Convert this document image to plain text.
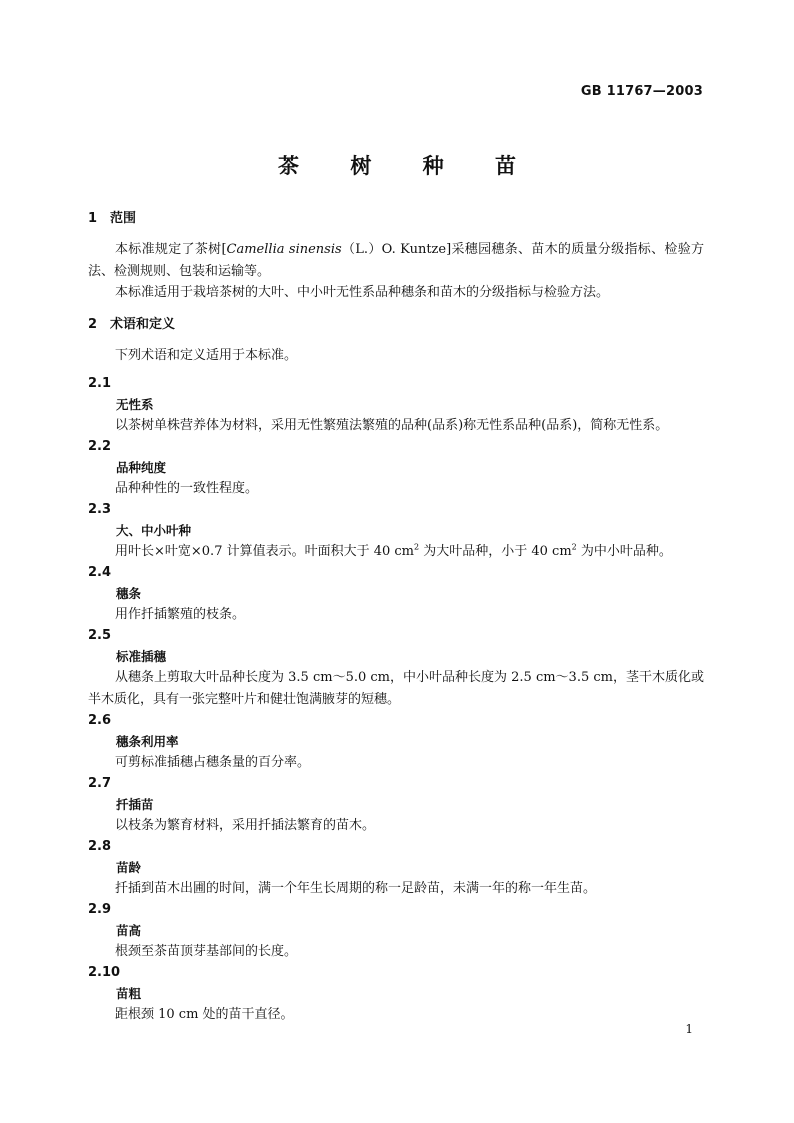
GB 11767—2003
茶 树 种 苗
1 范围
本标准规定了茶树[Camellia sinensis（L.）O. Kuntze]采穗园穗条、苗木的质量分级指标、检验方法、检测规则、包装和运输等。
本标准适用于栽培茶树的大叶、中小叶无性系品种穗条和苗木的分级指标与检验方法。
2 术语和定义
下列术语和定义适用于本标准。
2.1
无性系
以茶树单株营养体为材料，采用无性繁殖法繁殖的品种(品系)称无性系品种(品系)，简称无性系。
2.2
品种纯度
品种种性的一致性程度。
2.3
大、中小叶种
用叶长×叶宽×0.7 计算值表示。叶面积大于 40 $cm^2$ 为大叶品种，小于 40 $cm^2$ 为中小叶品种。
2.4
穗条
用作扦插繁殖的枝条。
2.5
标准插穗
从穗条上剪取大叶品种长度为 3.5 cm～5.0 cm，中小叶品种长度为 2.5 cm～3.5 cm，茎干木质化或半木质化，具有一张完整叶片和健壮饱满腋芽的短穗。
2.6
穗条利用率
可剪标准插穗占穗条量的百分率。
2.7
扦插苗
以枝条为繁育材料，采用扦插法繁育的苗木。
2.8
苗龄
扦插到苗木出圃的时间，满一个年生长周期的称一足龄苗，未满一年的称一年生苗。
2.9
苗高
根颈至茶苗顶芽基部间的长度。
2.10
苗粗
距根颈 10 cm 处的苗干直径。
1
